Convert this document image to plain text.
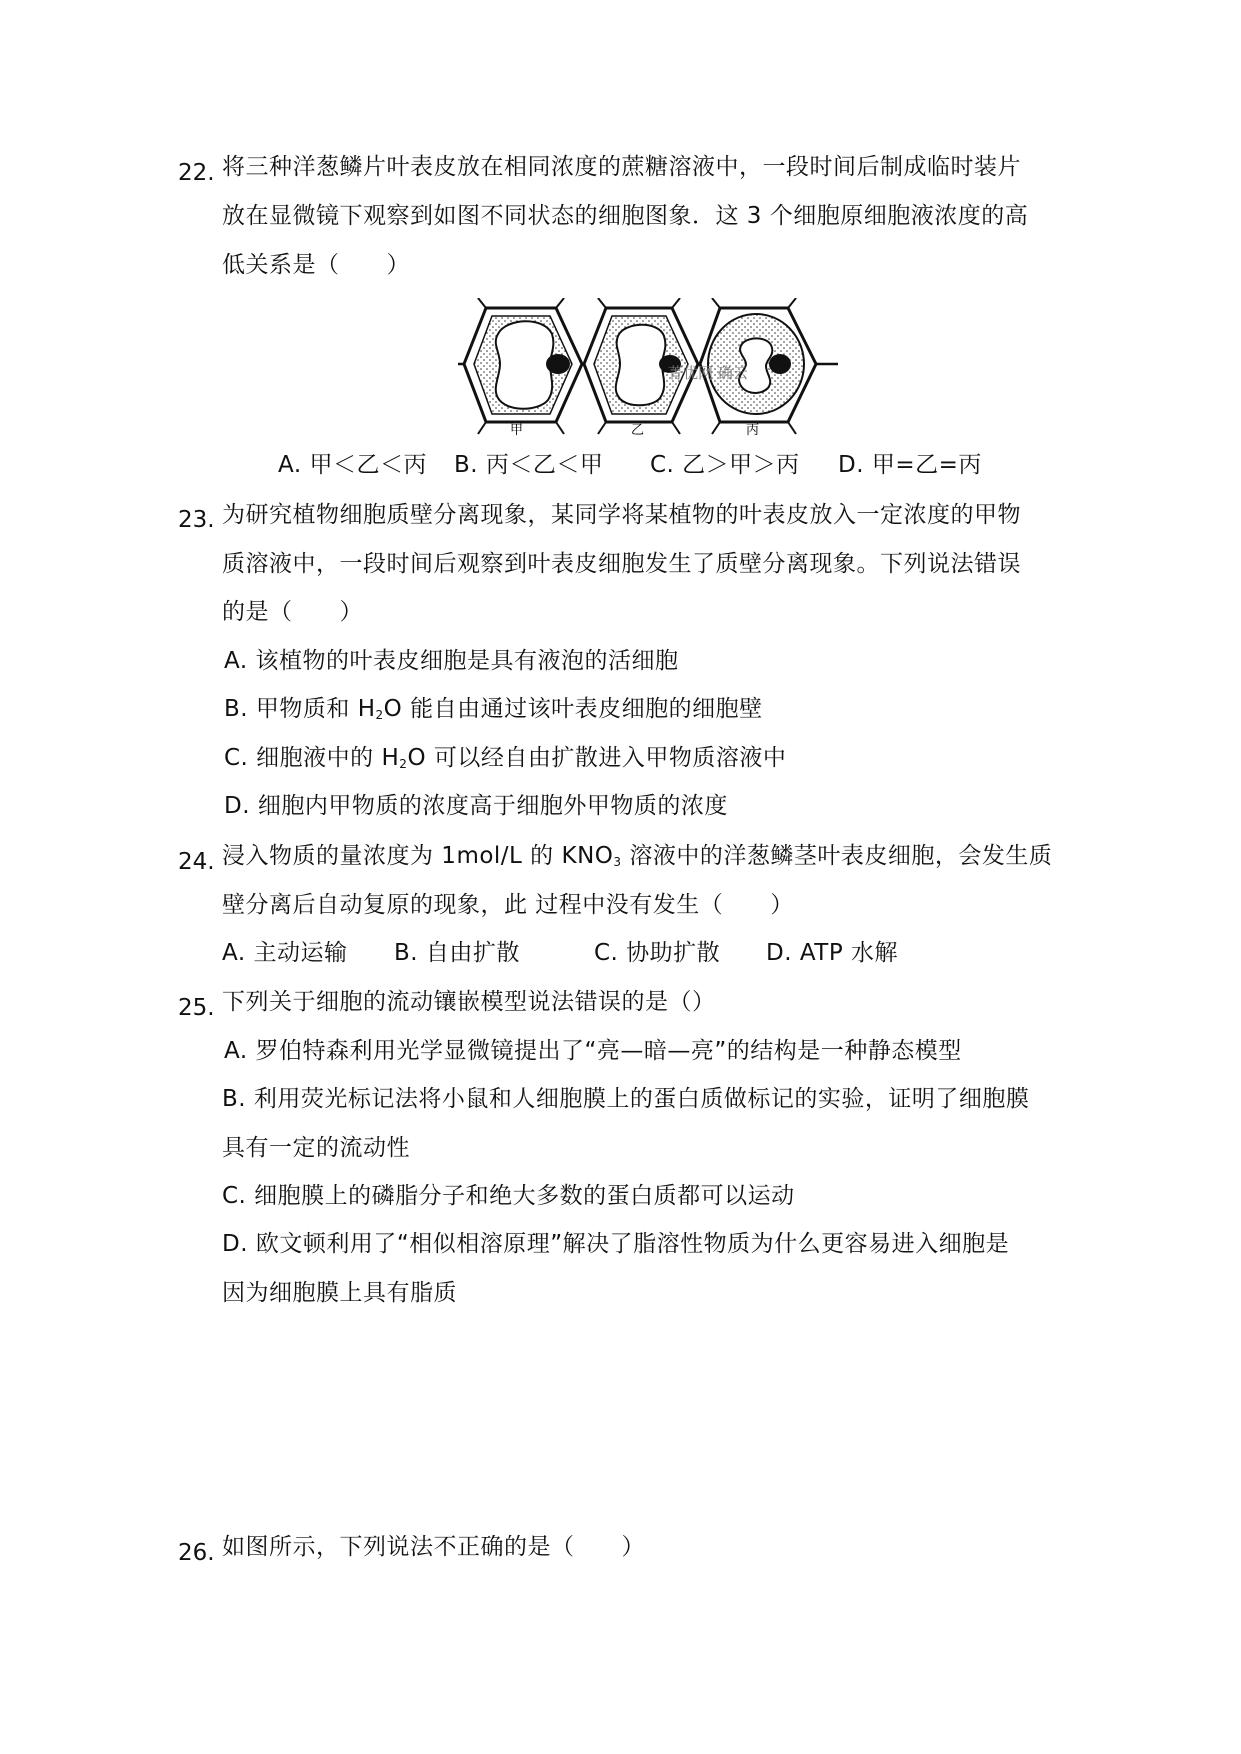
22. 将三种洋葱鳞片叶表皮放在相同浓度的蔗糖溶液中，一段时间后制成临时装片
放在显微镜下观察到如图不同状态的细胞图象．这 3 个细胞原细胞液浓度的高
低关系是（　　）
甲	乙	丙
菁优网 确云
A. 甲＜乙＜丙 B. 丙＜乙＜甲 C. 乙＞甲＞丙 D. 甲=乙=丙
23. 为研究植物细胞质壁分离现象，某同学将某植物的叶表皮放入一定浓度的甲物
质溶液中，一段时间后观察到叶表皮细胞发生了质壁分离现象。下列说法错误
的是（　　）
A. 该植物的叶表皮细胞是具有液泡的活细胞
B. 甲物质和 $H_2O$ 能自由通过该叶表皮细胞的细胞壁
C. 细胞液中的 $H_2O$ 可以经自由扩散进入甲物质溶液中
D. 细胞内甲物质的浓度高于细胞外甲物质的浓度
24. 浸入物质的量浓度为 1mol/L 的 $KNO_3$ 溶液中的洋葱鳞茎叶表皮细胞，会发生质
壁分离后自动复原的现象，此 过程中没有发生（　　）
A. 主动运输 B. 自由扩散	C. 协助扩散 D. ATP 水解
25. 下列关于细胞的流动镶嵌模型说法错误的是（）
A. 罗伯特森利用光学显微镜提出了“亮—暗—亮”的结构是一种静态模型
B. 利用荧光标记法将小鼠和人细胞膜上的蛋白质做标记的实验，证明了细胞膜
具有一定的流动性
C. 细胞膜上的磷脂分子和绝大多数的蛋白质都可以运动
D. 欧文顿利用了“相似相溶原理”解决了脂溶性物质为什么更容易进入细胞是
因为细胞膜上具有脂质
26. 如图所示，下列说法不正确的是（　　）
